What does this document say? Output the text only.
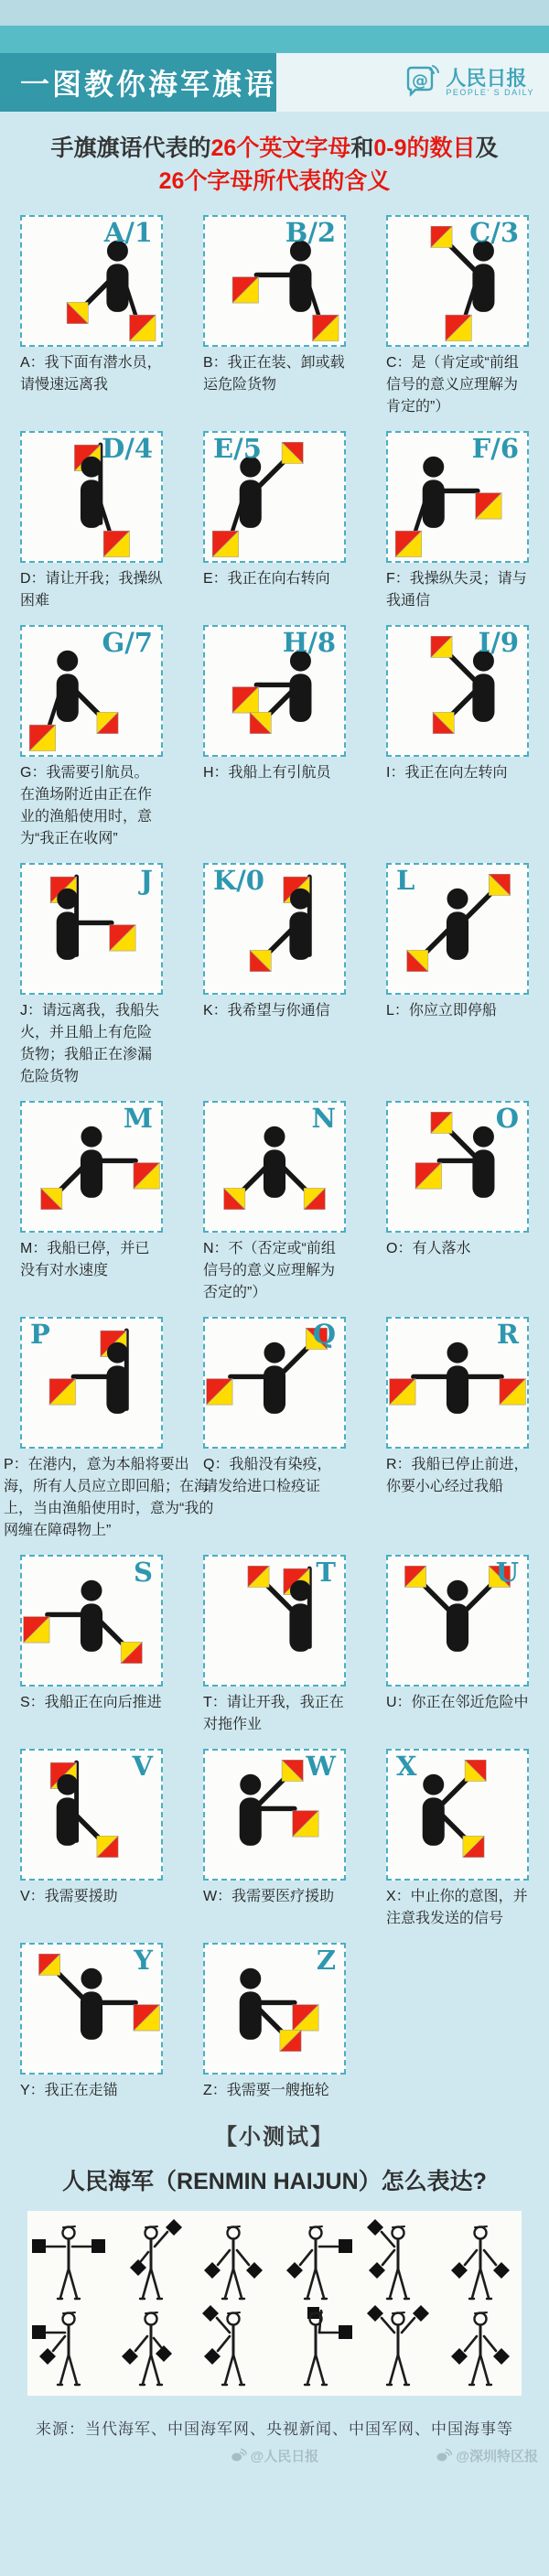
一图教你海军旗语	@ 人民日报
PEOPLE' S DAILY
手旗旗语代表的26个英文字母和0-9的数目及
26个字母所代表的含义
A/1
A：我下面有潜水员，请慢速远离我
B/2
B：我正在装、卸或载运危险货物
C/3
C：是（肯定或“前组信号的意义应理解为肯定的”）
D/4
D：请让开我；我操纵困难
E/5
E：我正在向右转向
F/6
F：我操纵失灵；请与我通信
G/7
G：我需要引航员。在渔场附近由正在作业的渔船使用时，意为“我正在收网”
H/8
H：我船上有引航员
I/9
I：我正在向左转向
J
J：请远离我，我船失火，并且船上有危险货物；我船正在渗漏危险货物
K/0
K：我希望与你通信
L
L：你应立即停船
M
M：我船已停，并已没有对水速度
N
N：不（否定或“前组信号的意义应理解为否定的”）
O
O：有人落水
P
P：在港内，意为本船将要出海，所有人员应立即回船；在海上，当由渔船使用时，意为“我的网缠在障碍物上”
Q
Q：我船没有染疫，请发给进口检疫证
R
R：我船已停止前进，你要小心经过我船
S
S：我船正在向后推进
T
T：请让开我，我正在对拖作业
U
U：你正在邻近危险中
V
V：我需要援助
W
W：我需要医疗援助
X
X：中止你的意图，并注意我发送的信号
Y
Y：我正在走锚
Z
Z：我需要一艘拖轮
【小测试】
人民海军（RENMIN HAIJUN）怎么表达?
来源：当代海军、中国海军网、央视新闻、中国军网、中国海事等
@人民日报	@深圳特区报
